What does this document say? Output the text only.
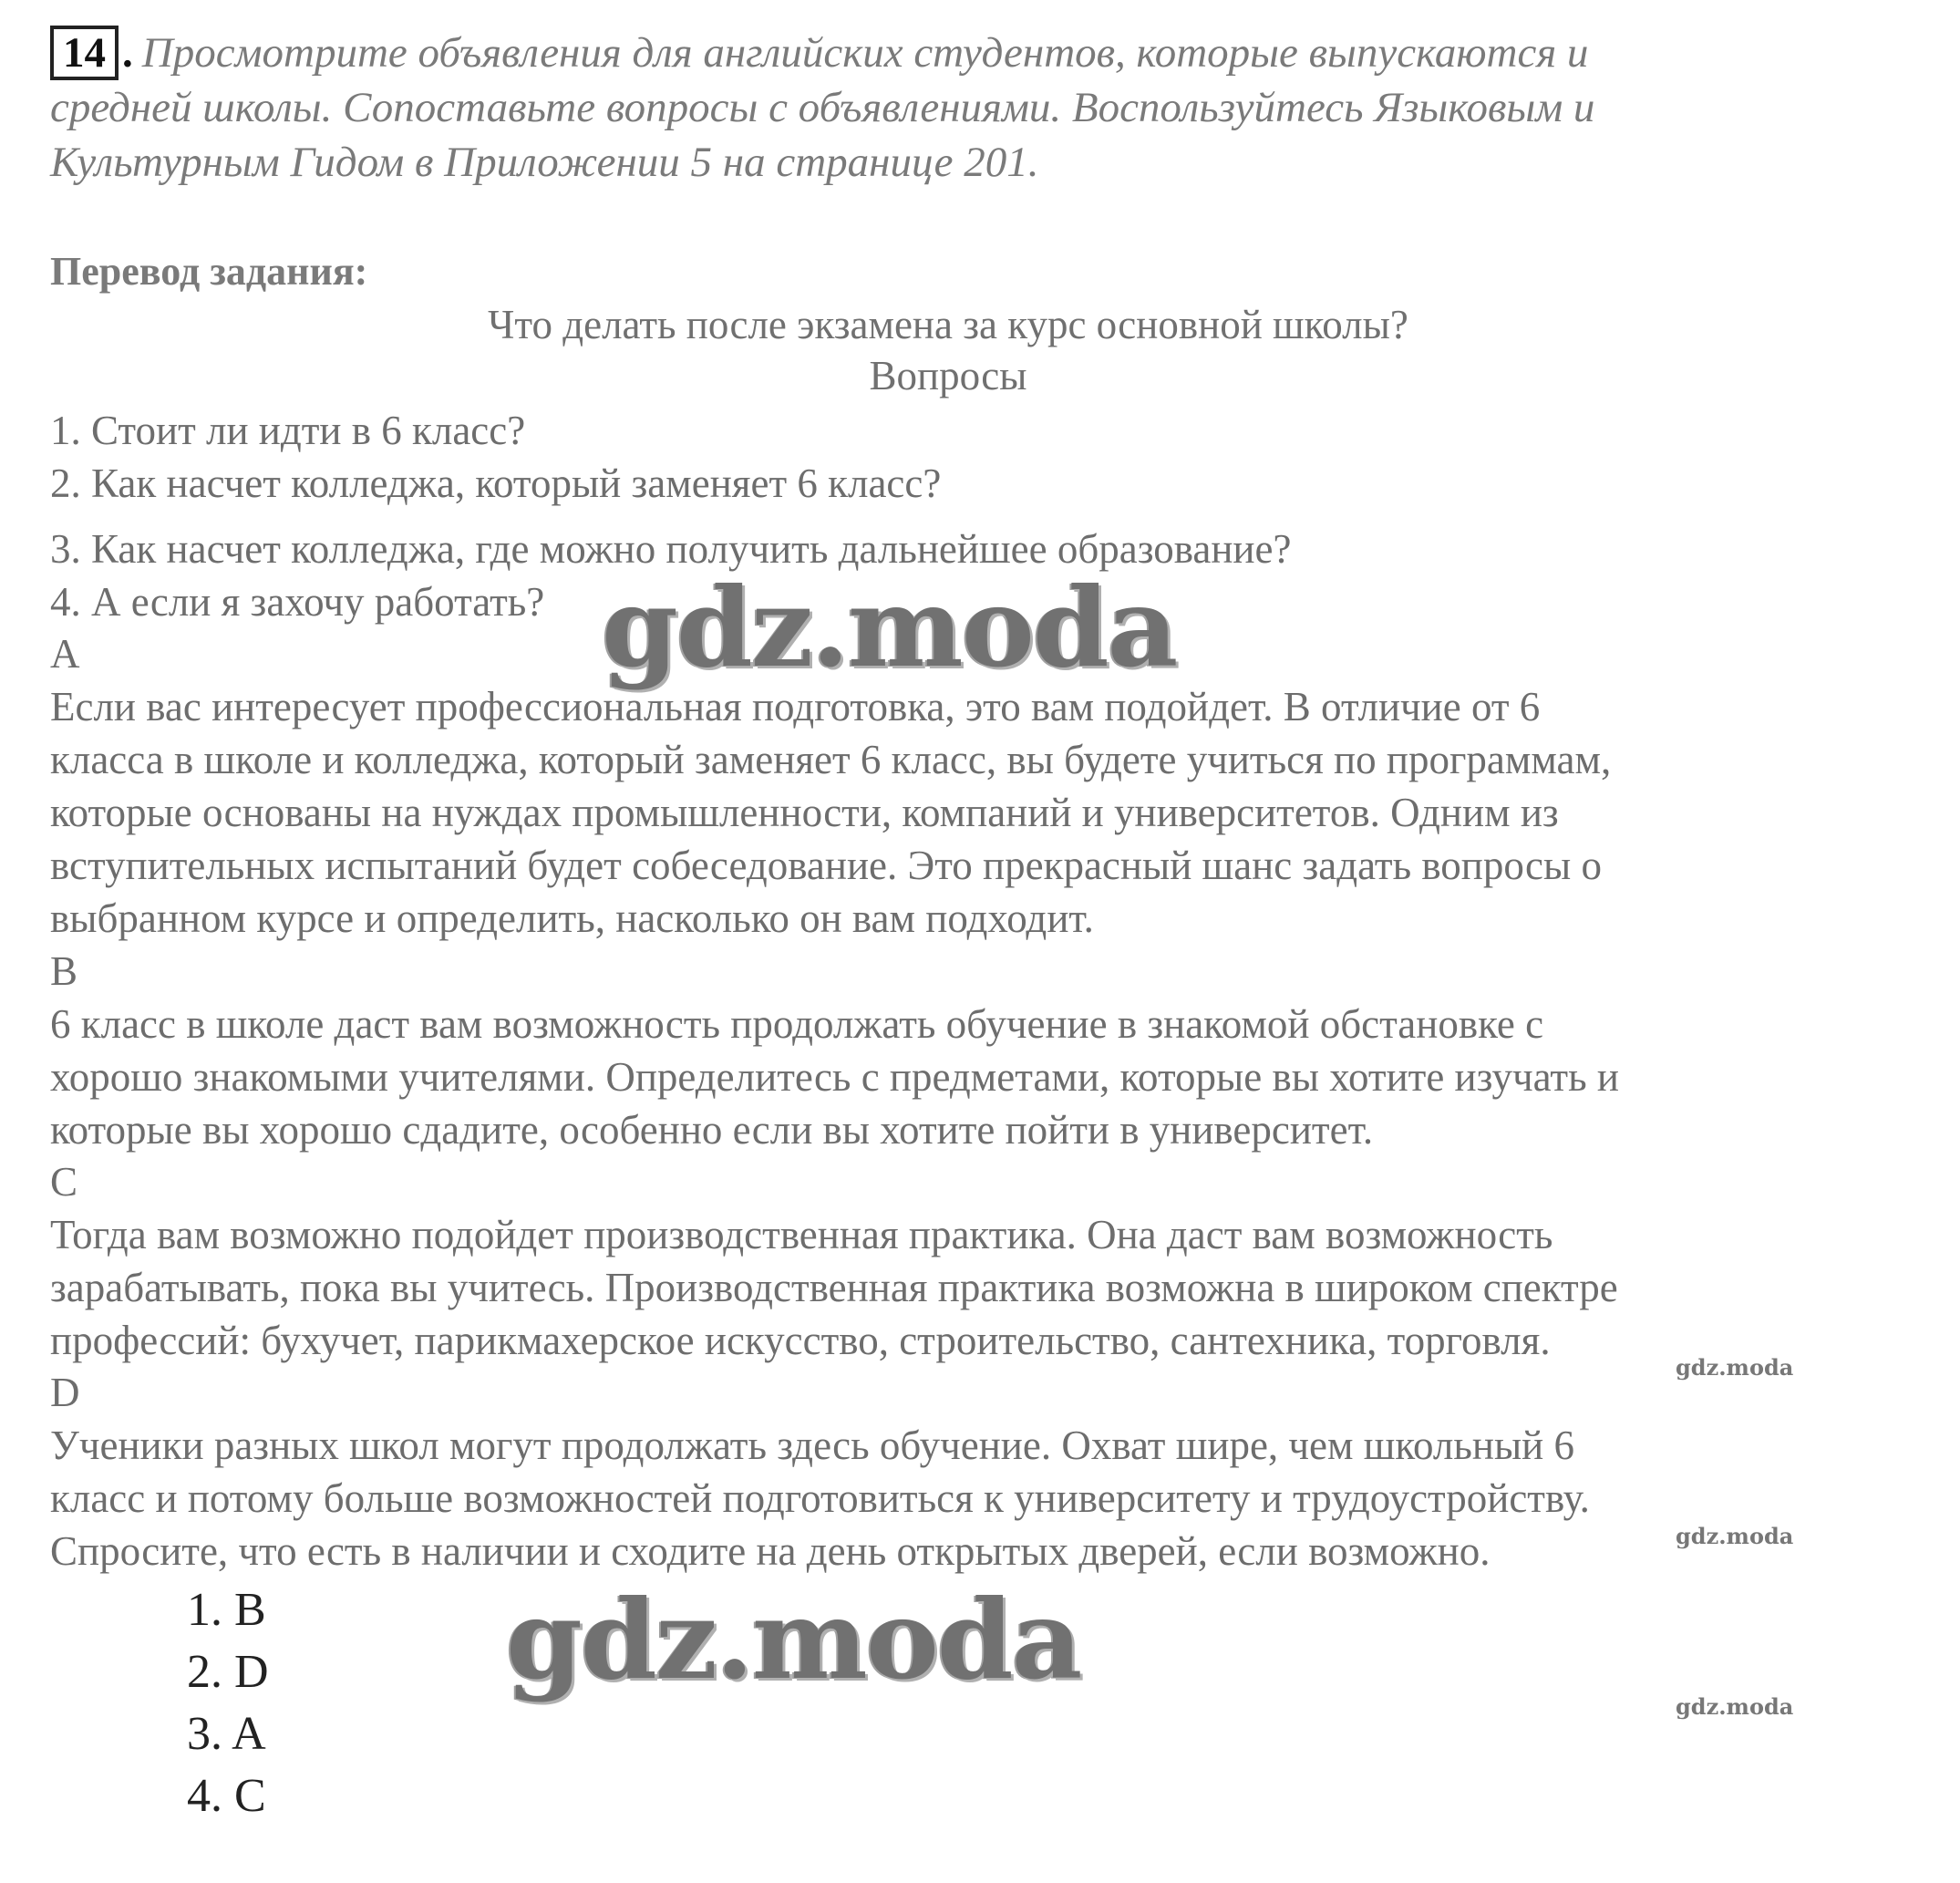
14 . Просмотрите объявления для английских студентов, которые выпускаются и
средней школы. Сопоставьте вопросы с объявлениями. Воспользуйтесь Языковым и
Культурным Гидом в Приложении 5 на странице 201.
Перевод задания:
Что делать после экзамена за курс основной школы?
Вопросы
1. Стоит ли идти в 6 класс?
2. Как насчет колледжа, который заменяет 6 класс?
3. Как насчет колледжа, где можно получить дальнейшее образование?
4. А если я захочу работать?
A
Если вас интересует профессиональная подготовка, это вам подойдет. В отличие от 6
класса в школе и колледжа, который заменяет 6 класс, вы будете учиться по программам,
которые основаны на нуждах промышленности, компаний и университетов. Одним из
вступительных испытаний будет собеседование. Это прекрасный шанс задать вопросы о
выбранном курсе и определить, насколько он вам подходит.
B
6 класс в школе даст вам возможность продолжать обучение в знакомой обстановке с
хорошо знакомыми учителями. Определитесь с предметами, которые вы хотите изучать и
которые вы хорошо сдадите, особенно если вы хотите пойти в университет.
C
Тогда вам возможно подойдет производственная практика. Она даст вам возможность
зарабатывать, пока вы учитесь. Производственная практика возможна в широком спектре
профессий: бухучет, парикмахерское искусство, строительство, сантехника, торговля.
D
Ученики разных школ могут продолжать здесь обучение. Охват шире, чем школьный 6
класс и потому больше возможностей подготовиться к университету и трудоустройству.
Спросите, что есть в наличии и сходите на день открытых дверей, если возможно.
1. B
2. D
3. A
4. C
gdz.moda
gdz.moda
gdz.moda
gdz.moda
gdz.moda
